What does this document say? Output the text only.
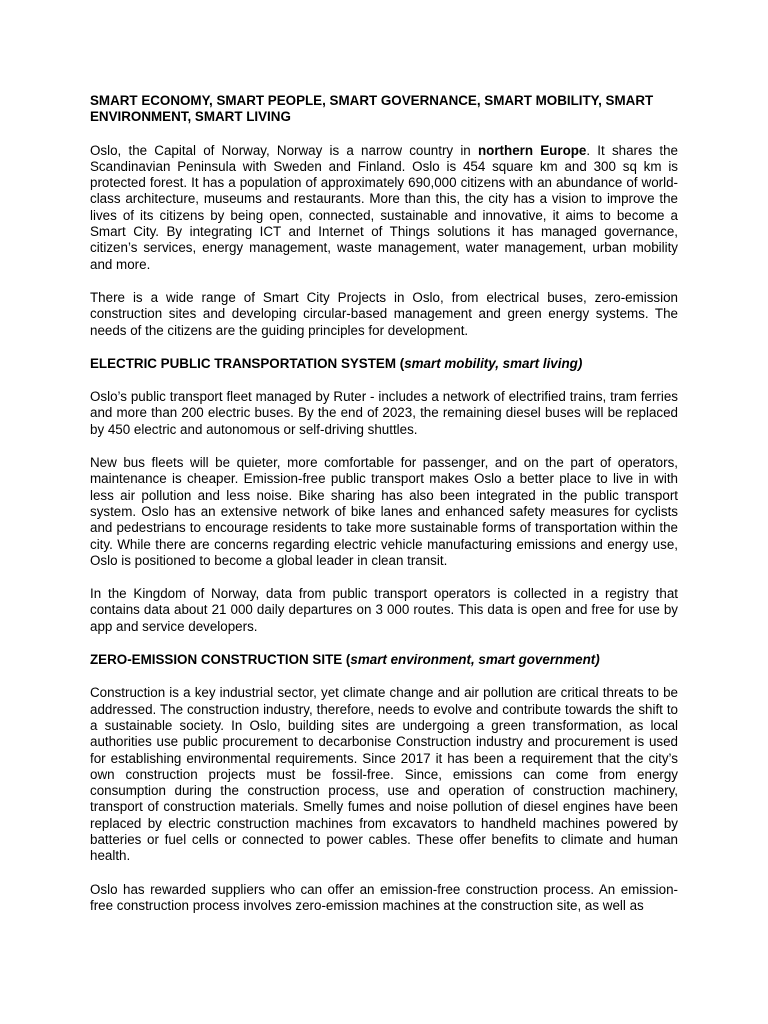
SMART ECONOMY, SMART PEOPLE, SMART GOVERNANCE, SMART MOBILITY, SMART ENVIRONMENT, SMART LIVING

Oslo, the Capital of Norway, Norway is a narrow country in northern Europe. It shares the Scandinavian Peninsula with Sweden and Finland. Oslo is 454 square km and 300 sq km is protected forest. It has a population of approximately 690,000 citizens with an abundance of world-class architecture, museums and restaurants. More than this, the city has a vision to improve the lives of its citizens by being open, connected, sustainable and innovative, it aims to become a Smart City. By integrating ICT and Internet of Things solutions it has managed governance, citizen’s services, energy management, waste management, water management, urban mobility and more.

There is a wide range of Smart City Projects in Oslo, from electrical buses, zero-emission construction sites and developing circular-based management and green energy systems. The needs of the citizens are the guiding principles for development.

ELECTRIC PUBLIC TRANSPORTATION SYSTEM (smart mobility, smart living)

Oslo’s public transport fleet managed by Ruter - includes a network of electrified trains, tram ferries and more than 200 electric buses. By the end of 2023, the remaining diesel buses will be replaced by 450 electric and autonomous or self-driving shuttles.

New bus fleets will be quieter, more comfortable for passenger, and on the part of operators, maintenance is cheaper. Emission-free public transport makes Oslo a better place to live in with less air pollution and less noise. Bike sharing has also been integrated in the public transport system. Oslo has an extensive network of bike lanes and enhanced safety measures for cyclists and pedestrians to encourage residents to take more sustainable forms of transportation within the city. While there are concerns regarding electric vehicle manufacturing emissions and energy use, Oslo is positioned to become a global leader in clean transit.

In the Kingdom of Norway, data from public transport operators is collected in a registry that contains data about 21 000 daily departures on 3 000 routes. This data is open and free for use by app and service developers.

ZERO-EMISSION CONSTRUCTION SITE (smart environment, smart government)

Construction is a key industrial sector, yet climate change and air pollution are critical threats to be addressed. The construction industry, therefore, needs to evolve and contribute towards the shift to a sustainable society. In Oslo, building sites are undergoing a green transformation, as local authorities use public procurement to decarbonise Construction industry and procurement is used for establishing environmental requirements. Since 2017 it has been a requirement that the city’s own construction projects must be fossil-free. Since, emissions can come from energy consumption during the construction process, use and operation of construction machinery, transport of construction materials. Smelly fumes and noise pollution of diesel engines have been replaced by electric construction machines from excavators to handheld machines powered by batteries or fuel cells or connected to power cables. These offer benefits to climate and human health.

Oslo has rewarded suppliers who can offer an emission-free construction process. An emission-free construction process involves zero-emission machines at the construction site, as well as
